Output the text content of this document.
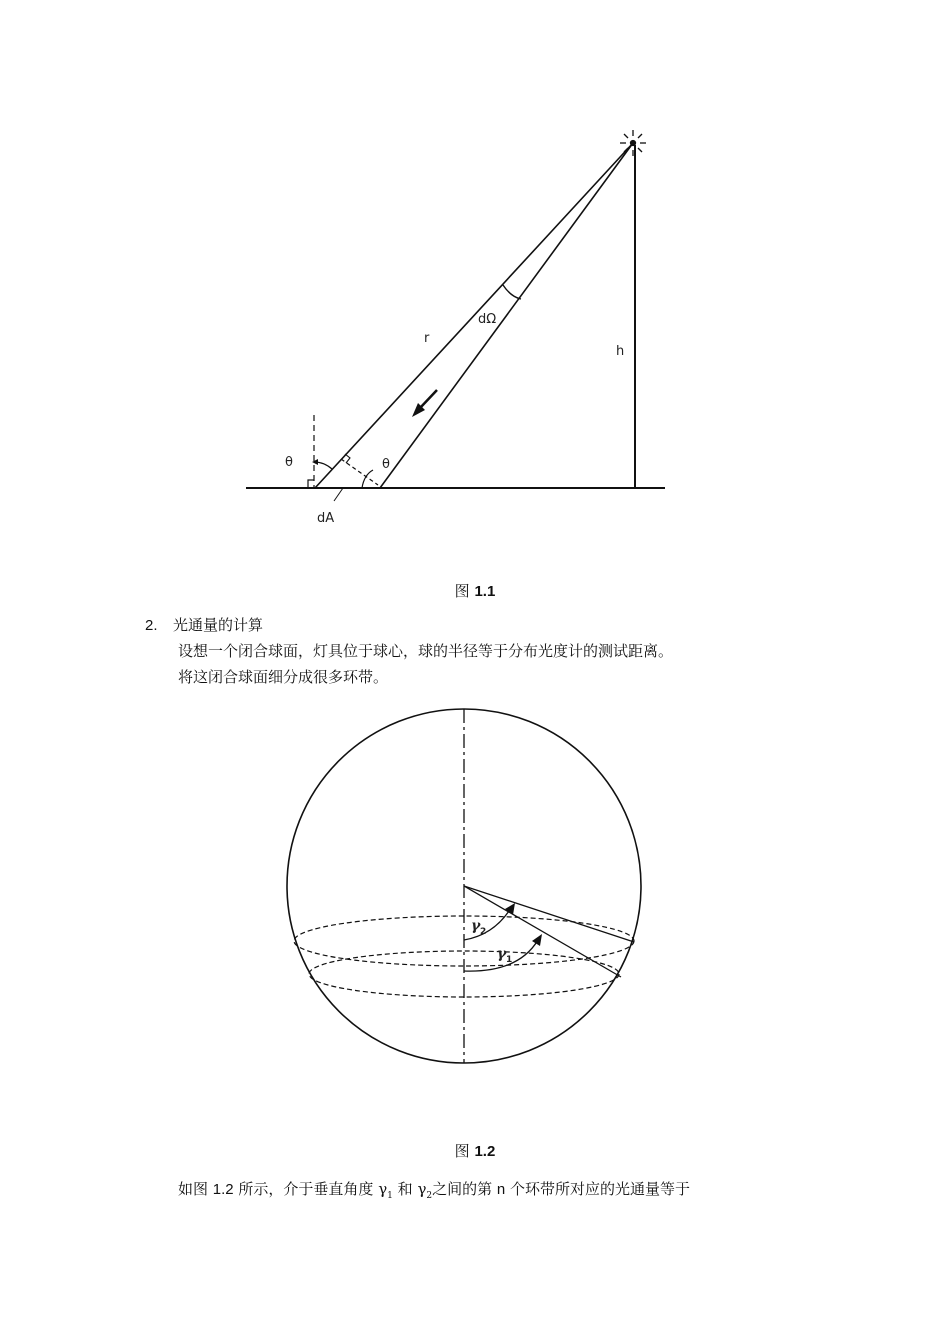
r
dΩ
h
θ	θ
dA
图 1.1
2. 光通量的计算
设想一个闭合球面，灯具位于球心，球的半径等于分布光度计的测试距离。
将这闭合球面细分成很多环带。
γ 2
γ 1
图 1.2
如图 1.2 所示，介于垂直角度 $\gamma_1$ 和 $\gamma_2$之间的第 n 个环带所对应的光通量等于
